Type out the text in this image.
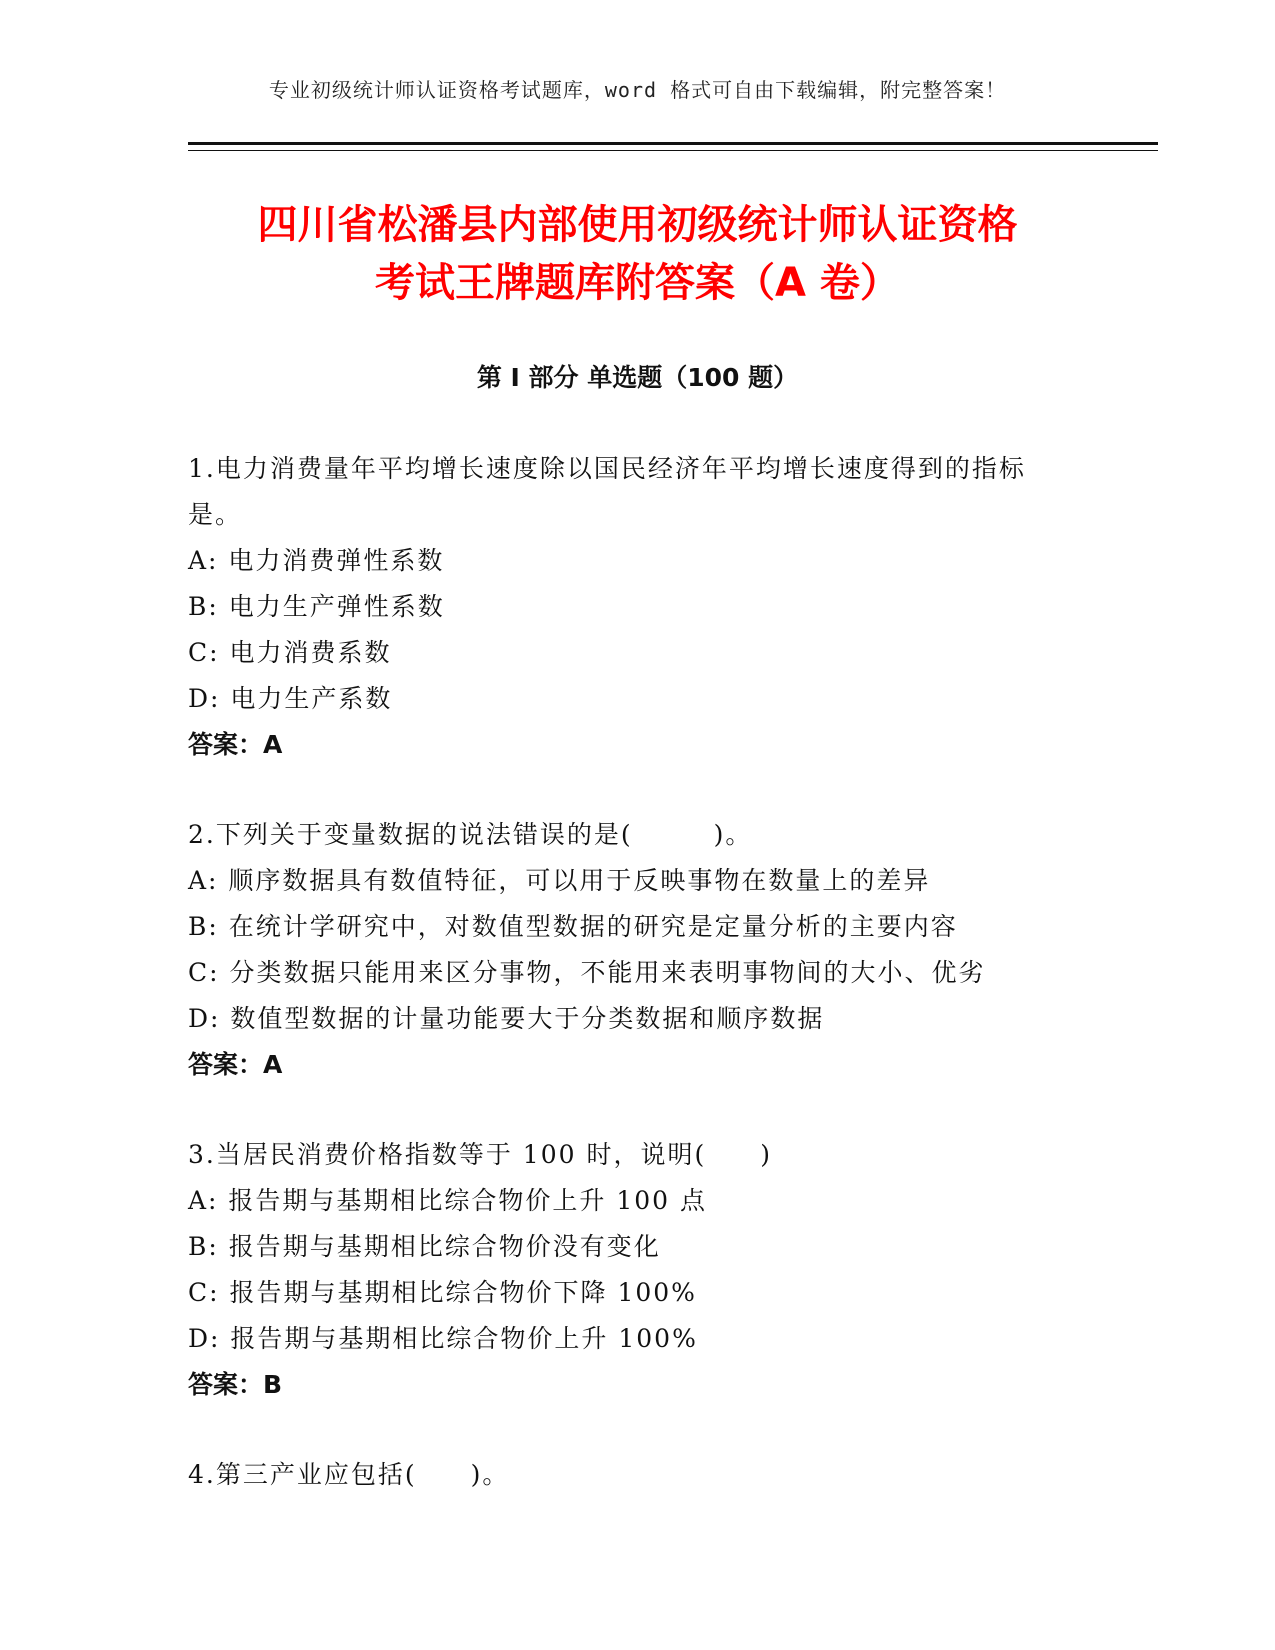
专业初级统计师认证资格考试题库，word 格式可自由下载编辑，附完整答案！
四川省松潘县内部使用初级统计师认证资格
考试王牌题库附答案（A 卷）
第 I 部分 单选题（100 题）
1.电力消费量年平均增长速度除以国民经济年平均增长速度得到的指标是。
A: 电力消费弹性系数
B: 电力生产弹性系数
C: 电力消费系数
D: 电力生产系数
答案：A
2.下列关于变量数据的说法错误的是(　　　)。
A: 顺序数据具有数值特征，可以用于反映事物在数量上的差异
B: 在统计学研究中，对数值型数据的研究是定量分析的主要内容
C: 分类数据只能用来区分事物，不能用来表明事物间的大小、优劣
D: 数值型数据的计量功能要大于分类数据和顺序数据
答案：A
3.当居民消费价格指数等于 100 时，说明(　　)
A: 报告期与基期相比综合物价上升 100 点
B: 报告期与基期相比综合物价没有变化
C: 报告期与基期相比综合物价下降 100%
D: 报告期与基期相比综合物价上升 100%
答案：B
4.第三产业应包括(　　)。
